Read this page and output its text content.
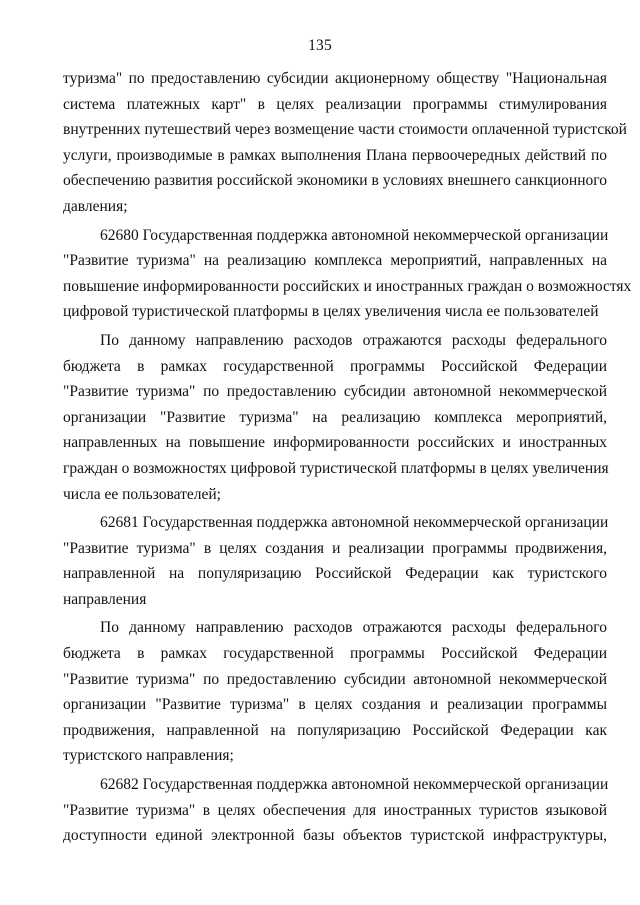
135
туризма" по предоставлению субсидии акционерному обществу "Национальная
система платежных карт" в целях реализации программы стимулирования
внутренних путешествий через возмещение части стоимости оплаченной туристской
услуги, производимые в рамках выполнения Плана первоочередных действий по
обеспечению развития российской экономики в условиях внешнего санкционного
давления;
62680 Государственная поддержка автономной некоммерческой организации
"Развитие туризма" на реализацию комплекса мероприятий, направленных на
повышение информированности российских и иностранных граждан о возможностях
цифровой туристической платформы в целях увеличения числа ее пользователей
По данному направлению расходов отражаются расходы федерального
бюджета в рамках государственной программы Российской Федерации
"Развитие туризма" по предоставлению субсидии автономной некоммерческой
организации "Развитие туризма" на реализацию комплекса мероприятий,
направленных на повышение информированности российских и иностранных
граждан о возможностях цифровой туристической платформы в целях увеличения
числа ее пользователей;
62681 Государственная поддержка автономной некоммерческой организации
"Развитие туризма" в целях создания и реализации программы продвижения,
направленной на популяризацию Российской Федерации как туристского
направления
По данному направлению расходов отражаются расходы федерального
бюджета в рамках государственной программы Российской Федерации
"Развитие туризма" по предоставлению субсидии автономной некоммерческой
организации "Развитие туризма" в целях создания и реализации программы
продвижения, направленной на популяризацию Российской Федерации как
туристского направления;
62682 Государственная поддержка автономной некоммерческой организации
"Развитие туризма" в целях обеспечения для иностранных туристов языковой
доступности единой электронной базы объектов туристской инфраструктуры,
